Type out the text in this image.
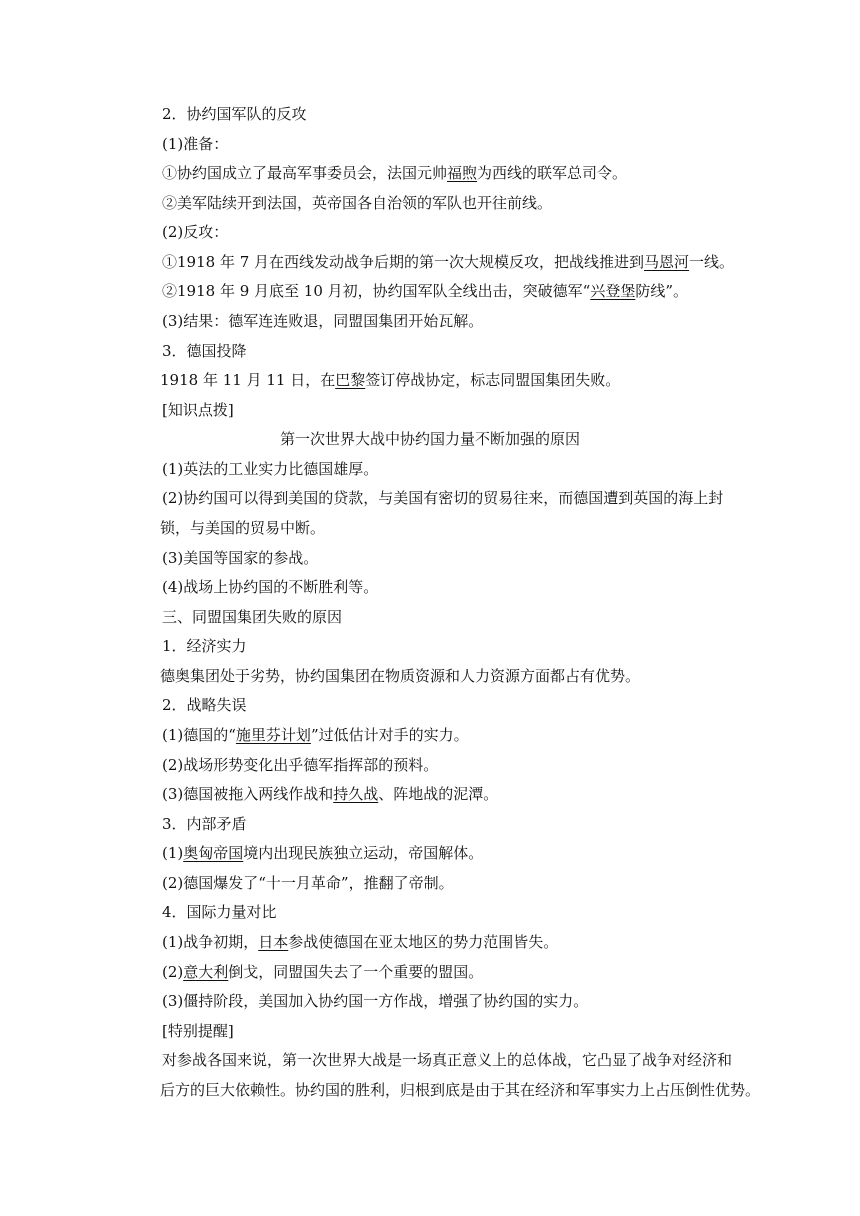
2．协约国军队的反攻
(1)准备：
①协约国成立了最高军事委员会，法国元帅福煦为西线的联军总司令。
②美军陆续开到法国，英帝国各自治领的军队也开往前线。
(2)反攻：
①1918 年 7 月在西线发动战争后期的第一次大规模反攻，把战线推进到马恩河一线。
②1918 年 9 月底至 10 月初，协约国军队全线出击，突破德军“兴登堡防线”。
(3)结果：德军连连败退，同盟国集团开始瓦解。
3．德国投降
1918 年 11 月 11 日，在巴黎签订停战协定，标志同盟国集团失败。
[知识点拨]
第一次世界大战中协约国力量不断加强的原因
(1)英法的工业实力比德国雄厚。
(2)协约国可以得到美国的贷款，与美国有密切的贸易往来，而德国遭到英国的海上封
锁，与美国的贸易中断。
(3)美国等国家的参战。
(4)战场上协约国的不断胜利等。
三、同盟国集团失败的原因
1．经济实力
德奥集团处于劣势，协约国集团在物质资源和人力资源方面都占有优势。
2．战略失误
(1)德国的“施里芬计划”过低估计对手的实力。
(2)战场形势变化出乎德军指挥部的预料。
(3)德国被拖入两线作战和持久战、阵地战的泥潭。
3．内部矛盾
(1)奥匈帝国境内出现民族独立运动，帝国解体。
(2)德国爆发了“十一月革命”，推翻了帝制。
4．国际力量对比
(1)战争初期，日本参战使德国在亚太地区的势力范围皆失。
(2)意大利倒戈，同盟国失去了一个重要的盟国。
(3)僵持阶段，美国加入协约国一方作战，增强了协约国的实力。
[特别提醒]
对参战各国来说，第一次世界大战是一场真正意义上的总体战，它凸显了战争对经济和
后方的巨大依赖性。协约国的胜利，归根到底是由于其在经济和军事实力上占压倒性优势。
